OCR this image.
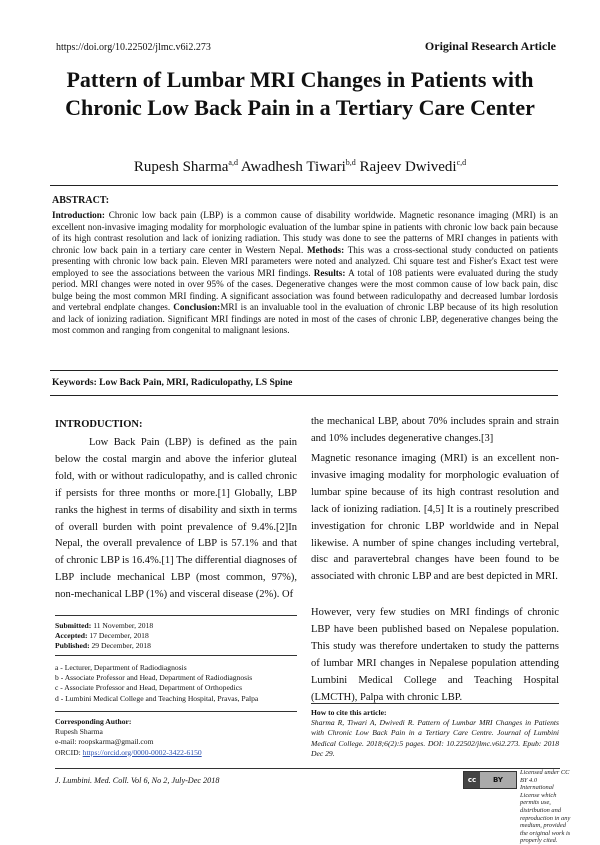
https://doi.org/10.22502/jlmc.v6i2.273	Original Research Article
Pattern of Lumbar MRI Changes in Patients with Chronic Low Back Pain in a Tertiary Care Center
Rupesh Sharma$^{a,d}$ Awadhesh Tiwari$^{b,d}$ Rajeev Dwivedi$^{c,d}$
ABSTRACT:
Introduction: Chronic low back pain (LBP) is a common cause of disability worldwide. Magnetic resonance imaging (MRI) is an excellent non-invasive imaging modality for morphologic evaluation of the lumbar spine in patients with chronic low back pain because of its high contrast resolution and lack of ionizing radiation. This study was done to see the patterns of MRI changes in patients with chronic low back pain in a tertiary care center in Western Nepal. Methods: This was a cross-sectional study conducted on patients presenting with chronic low back pain. Eleven MRI parameters were noted and analyzed. Chi square test and Fisher's Exact test were employed to see the associations between the various MRI findings. Results: A total of 108 patients were evaluated during the study period. MRI changes were noted in over 95% of the cases. Degenerative changes were the most common cause of low back pain, disc bulge being the most common MRI finding. A significant association was found between radiculopathy and decreased lumbar lordosis and vertebral endplate changes. Conclusion:MRI is an invaluable tool in the evaluation of chronic LBP because of its high resolution and lack of ionizing radiation. Significant MRI findings are noted in most of the cases of chronic LBP, degenerative changes being the most common and ranging from congenital to malignant lesions.
Keywords: Low Back Pain, MRI, Radiculopathy, LS Spine
INTRODUCTION:

Low Back Pain (LBP) is defined as the pain below the costal margin and above the inferior gluteal fold, with or without radiculopathy, and is called chronic if persists for three months or more.[1] Globally, LBP ranks the highest in terms of disability and sixth in terms of overall burden with point prevalence of 9.4%.[2]In Nepal, the overall prevalence of LBP is 57.1% and that of chronic LBP is 16.4%.[1] The differential diagnoses of LBP include mechanical LBP (most common, 97%), non-mechanical LBP (1%) and visceral disease (2%). Of

the mechanical LBP, about 70% includes sprain and strain and 10% includes degenerative changes.[3]
Magnetic resonance imaging (MRI) is an excellent non-invasive imaging modality for morphologic evaluation of lumbar spine because of its high contrast resolution and lack of ionizing radiation. [4,5] It is a routinely prescribed investigation for chronic LBP worldwide and in Nepal likewise. A number of spine changes including vertebral, disc and paravertebral changes have been found to be associated with chronic LBP and are best depicted in MRI.
However, very few studies on MRI findings of chronic LBP have been published based on Nepalese population. This study was therefore undertaken to study the patterns of lumbar MRI changes in Nepalese population attending Lumbini Medical College and Teaching Hospital (LMCTH), Palpa with chronic LBP.
Submitted: 11 November, 2018
Accepted: 17 December, 2018
Published: 29 December, 2018
a - Lecturer, Department of Radiodiagnosis
b - Associate Professor and Head, Department of Radiodiagnosis
c - Associate Professor and Head, Department of Orthopedics
d - Lumbini Medical College and Teaching Hospital, Pravas, Palpa
Corresponding Author:
Rupesh Sharma
e-mail: roopskarma@gmail.com
ORCID: https://orcid.org/0000-0002-3422-6150
How to cite this article:
Sharma R, Tiwari A, Dwivedi R. Pattern of Lumbar MRI Changes in Patients with Chronic Low Back Pain in a Tertiary Care Centre. Journal of Lumbini Medical College. 2018;6(2):5 pages. DOI: 10.22502/jlmc.v6i2.273. Epub: 2018 Dec 29.
J. Lumbini. Med. Coll. Vol 6, No 2, July-Dec 2018	cc	BY
Licensed under CC BY 4.0 International License which permits use, distribution and reproduction in any medium, provided the original work is properly cited.
